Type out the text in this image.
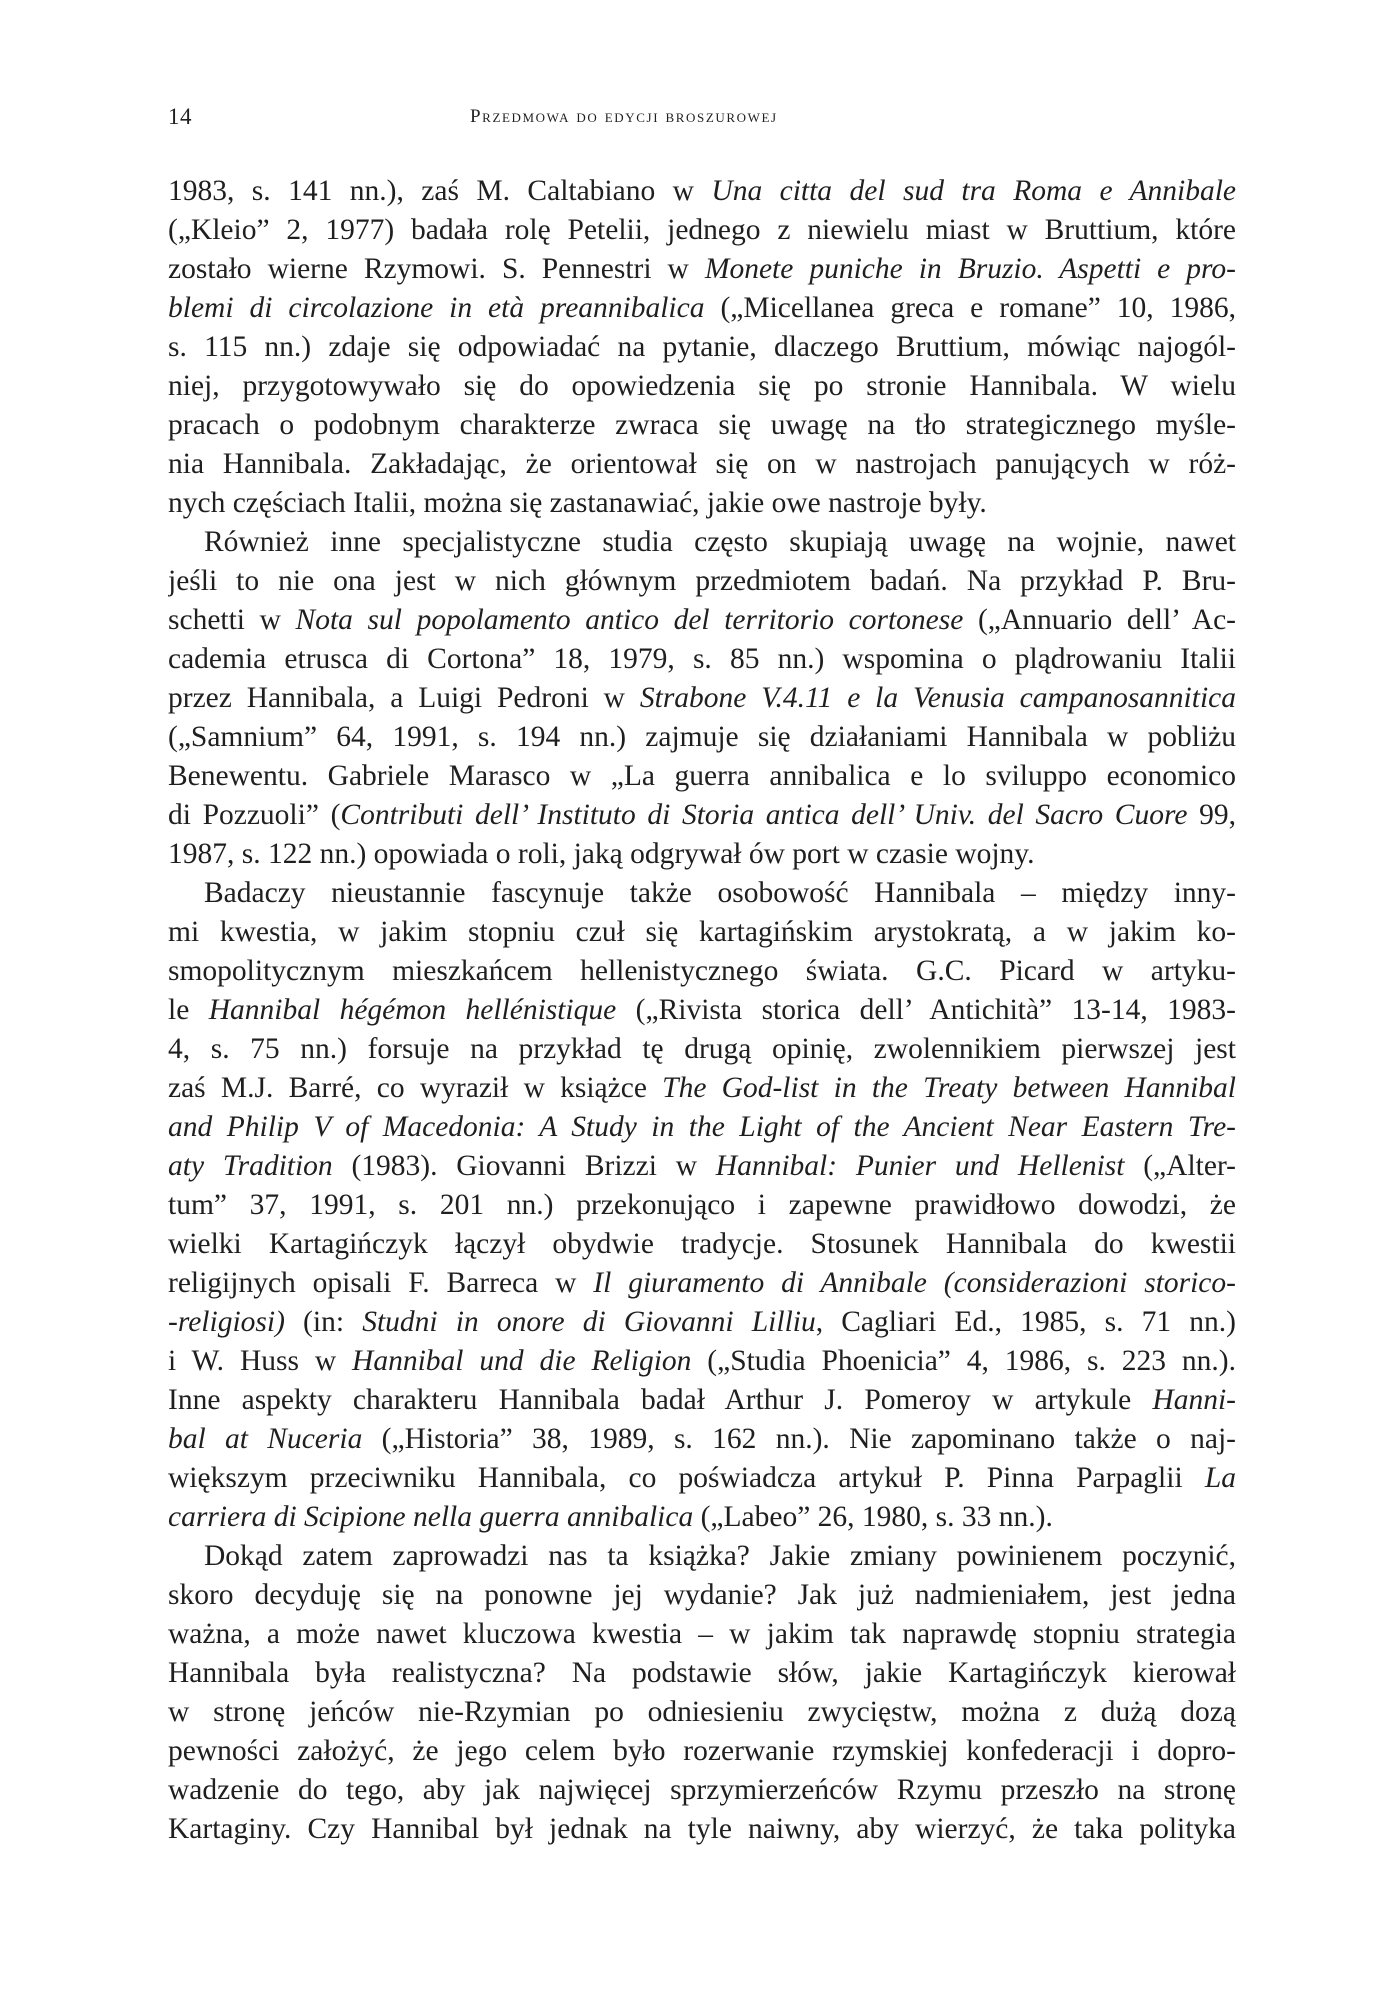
14	Przedmowa do edycji broszurowej

1983, s. 141 nn.), zaś M. Caltabiano w Una citta del sud tra Roma e Annibale

(„Kleio” 2, 1977) badała rolę Petelii, jednego z niewielu miast w Bruttium, które

zostało wierne Rzymowi. S. Pennestri w Monete puniche in Bruzio. Aspetti e pro-

blemi di circolazione in età preannibalica („Micellanea greca e romane” 10, 1986,

s. 115 nn.) zdaje się odpowiadać na pytanie, dlaczego Bruttium, mówiąc najogól-

niej, przygotowywało się do opowiedzenia się po stronie Hannibala. W wielu

pracach o podobnym charakterze zwraca się uwagę na tło strategicznego myśle-

nia Hannibala. Zakładając, że orientował się on w nastrojach panujących w róż-

nych częściach Italii, można się zastanawiać, jakie owe nastroje były.

Również inne specjalistyczne studia często skupiają uwagę na wojnie, nawet

jeśli to nie ona jest w nich głównym przedmiotem badań. Na przykład P. Bru-

schetti w Nota sul popolamento antico del territorio cortonese („Annuario dell’ Ac-

cademia etrusca di Cortona” 18, 1979, s. 85 nn.) wspomina o plądrowaniu Italii

przez Hannibala, a Luigi Pedroni w Strabone V.4.11 e la Venusia campanosannitica

(„Samnium” 64, 1991, s. 194 nn.) zajmuje się działaniami Hannibala w pobliżu

Benewentu. Gabriele Marasco w „La guerra annibalica e lo sviluppo economico

di Pozzuoli” (Contributi dell’ Instituto di Storia antica dell’ Univ. del Sacro Cuore 99,

1987, s. 122 nn.) opowiada o roli, jaką odgrywał ów port w czasie wojny.

Badaczy nieustannie fascynuje także osobowość Hannibala – między inny-

mi kwestia, w jakim stopniu czuł się kartagińskim arystokratą, a w jakim ko-

smopolitycznym mieszkańcem hellenistycznego świata. G.C. Picard w artyku-

le Hannibal hégémon hellénistique („Rivista storica dell’ Antichità” 13-14, 1983-

4, s. 75 nn.) forsuje na przykład tę drugą opinię, zwolennikiem pierwszej jest

zaś M.J. Barré, co wyraził w książce The God-list in the Treaty between Hannibal

and Philip V of Macedonia: A Study in the Light of the Ancient Near Eastern Tre-

aty Tradition (1983). Giovanni Brizzi w Hannibal: Punier und Hellenist („Alter-

tum” 37, 1991, s. 201 nn.) przekonująco i zapewne prawidłowo dowodzi, że

wielki Kartagińczyk łączył obydwie tradycje. Stosunek Hannibala do kwestii

religijnych opisali F. Barreca w Il giuramento di Annibale (considerazioni storico-

-religiosi) (in: Studni in onore di Giovanni Lilliu, Cagliari Ed., 1985, s. 71 nn.)

i W. Huss w Hannibal und die Religion („Studia Phoenicia” 4, 1986, s. 223 nn.).

Inne aspekty charakteru Hannibala badał Arthur J. Pomeroy w artykule Hanni-

bal at Nuceria („Historia” 38, 1989, s. 162 nn.). Nie zapominano także o naj-

większym przeciwniku Hannibala, co poświadcza artykuł P. Pinna Parpaglii La

carriera di Scipione nella guerra annibalica („Labeo” 26, 1980, s. 33 nn.).

Dokąd zatem zaprowadzi nas ta książka? Jakie zmiany powinienem poczynić,

skoro decyduję się na ponowne jej wydanie? Jak już nadmieniałem, jest jedna

ważna, a może nawet kluczowa kwestia – w jakim tak naprawdę stopniu strategia

Hannibala była realistyczna? Na podstawie słów, jakie Kartagińczyk kierował

w stronę jeńców nie-Rzymian po odniesieniu zwycięstw, można z dużą dozą

pewności założyć, że jego celem było rozerwanie rzymskiej konfederacji i dopro-

wadzenie do tego, aby jak najwięcej sprzymierzeńców Rzymu przeszło na stronę

Kartaginy. Czy Hannibal był jednak na tyle naiwny, aby wierzyć, że taka polityka
